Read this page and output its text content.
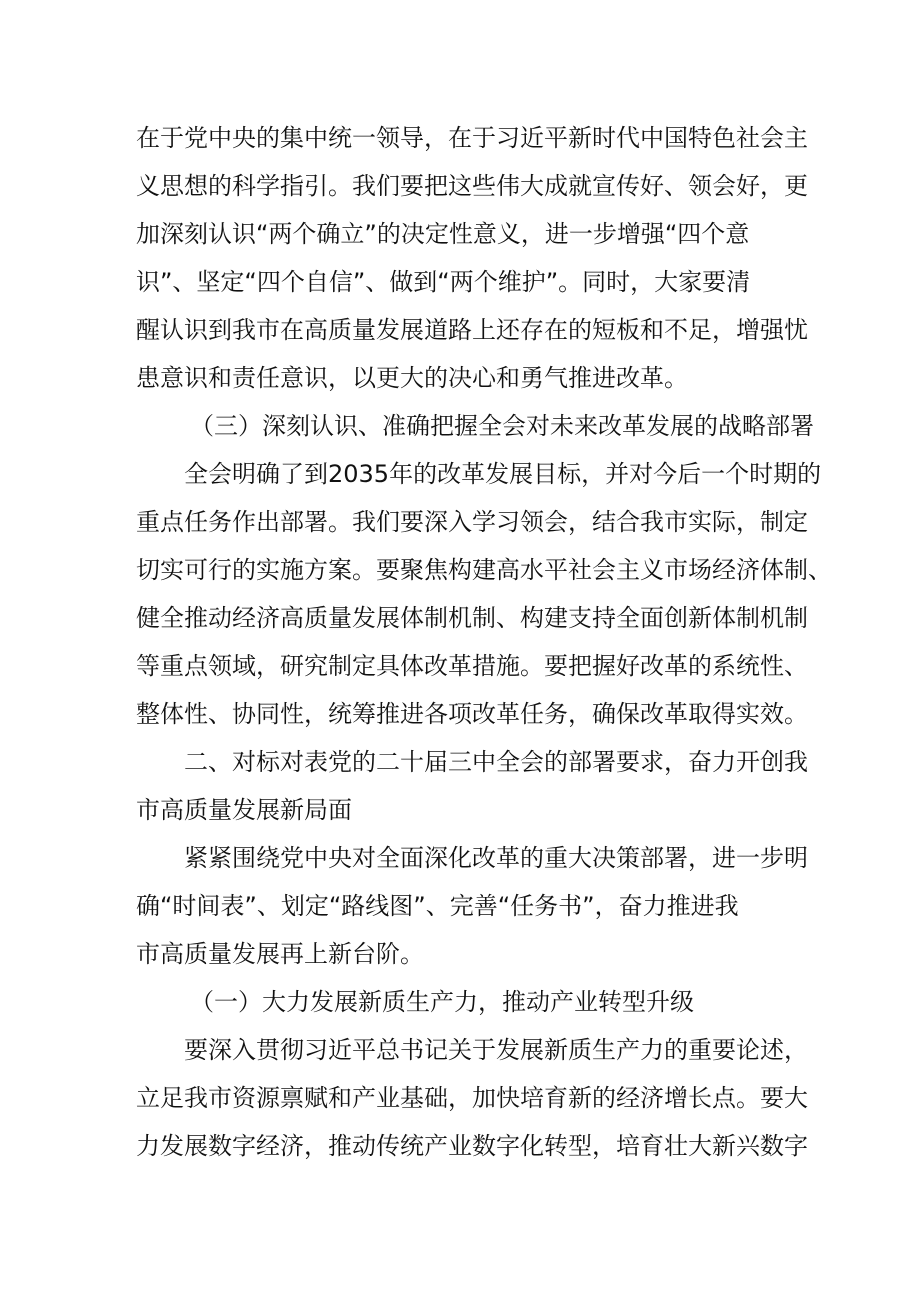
在于党中央的集中统一领导，在于习近平新时代中国特色社会主
义思想的科学指引。我们要把这些伟大成就宣传好、领会好，更
加深刻认识“两个确立”的决定性意义，进一步增强“四个意
识”、坚定“四个自信”、做到“两个维护”。同时，大家要清
醒认识到我市在高质量发展道路上还存在的短板和不足，增强忧
患意识和责任意识，以更大的决心和勇气推进改革。
（三）深刻认识、准确把握全会对未来改革发展的战略部署
全会明确了到2035年的改革发展目标，并对今后一个时期的
重点任务作出部署。我们要深入学习领会，结合我市实际，制定
切实可行的实施方案。要聚焦构建高水平社会主义市场经济体制、
健全推动经济高质量发展体制机制、构建支持全面创新体制机制
等重点领域，研究制定具体改革措施。要把握好改革的系统性、
整体性、协同性，统筹推进各项改革任务，确保改革取得实效。
二、对标对表党的二十届三中全会的部署要求，奋力开创我
市高质量发展新局面
紧紧围绕党中央对全面深化改革的重大决策部署，进一步明
确“时间表”、划定“路线图”、完善“任务书”，奋力推进我
市高质量发展再上新台阶。
（一）大力发展新质生产力，推动产业转型升级
要深入贯彻习近平总书记关于发展新质生产力的重要论述，
立足我市资源禀赋和产业基础，加快培育新的经济增长点。要大
力发展数字经济，推动传统产业数字化转型，培育壮大新兴数字
